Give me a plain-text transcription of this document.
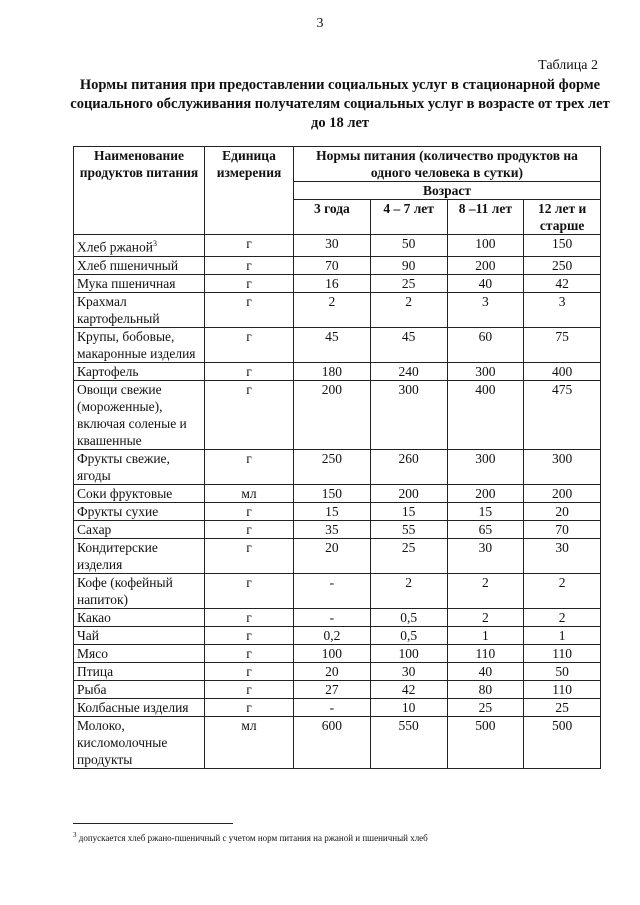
3
Таблица 2
Нормы питания при предоставлении социальных услуг в стационарной форме социального обслуживания получателям социальных услуг в возрасте от трех лет до 18 лет
Наименование продуктов питания	Единица измерения	Нормы питания (количество продуктов на одного человека в сутки)			
		Возраст			
		3 года	4 – 7 лет	8 –11 лет	12 лет и старше
Хлеб ржаной$^3$	г	30	50	100	150
Хлеб пшеничный	г	70	90	200	250
Мука пшеничная	г	16	25	40	42
Крахмал картофельный	г	2	2	3	3
Крупы, бобовые, макаронные изделия	г	45	45	60	75
Картофель	г	180	240	300	400
Овощи свежие (мороженные), включая соленые и квашенные	г	200	300	400	475
Фрукты свежие, ягоды	г	250	260	300	300
Соки фруктовые	мл	150	200	200	200
Фрукты сухие	г	15	15	15	20
Сахар	г	35	55	65	70
Кондитерские изделия	г	20	25	30	30
Кофе (кофейный напиток)	г	-	2	2	2
Какао	г	-	0,5	2	2
Чай	г	0,2	0,5	1	1
Мясо	г	100	100	110	110
Птица	г	20	30	40	50
Рыба	г	27	42	80	110
Колбасные изделия	г	-	10	25	25
Молоко, кисломолочные продукты	мл	600	550	500	500
$^3$ допускается хлеб ржано-пшеничный с учетом норм питания на ржаной и пшеничный хлеб
